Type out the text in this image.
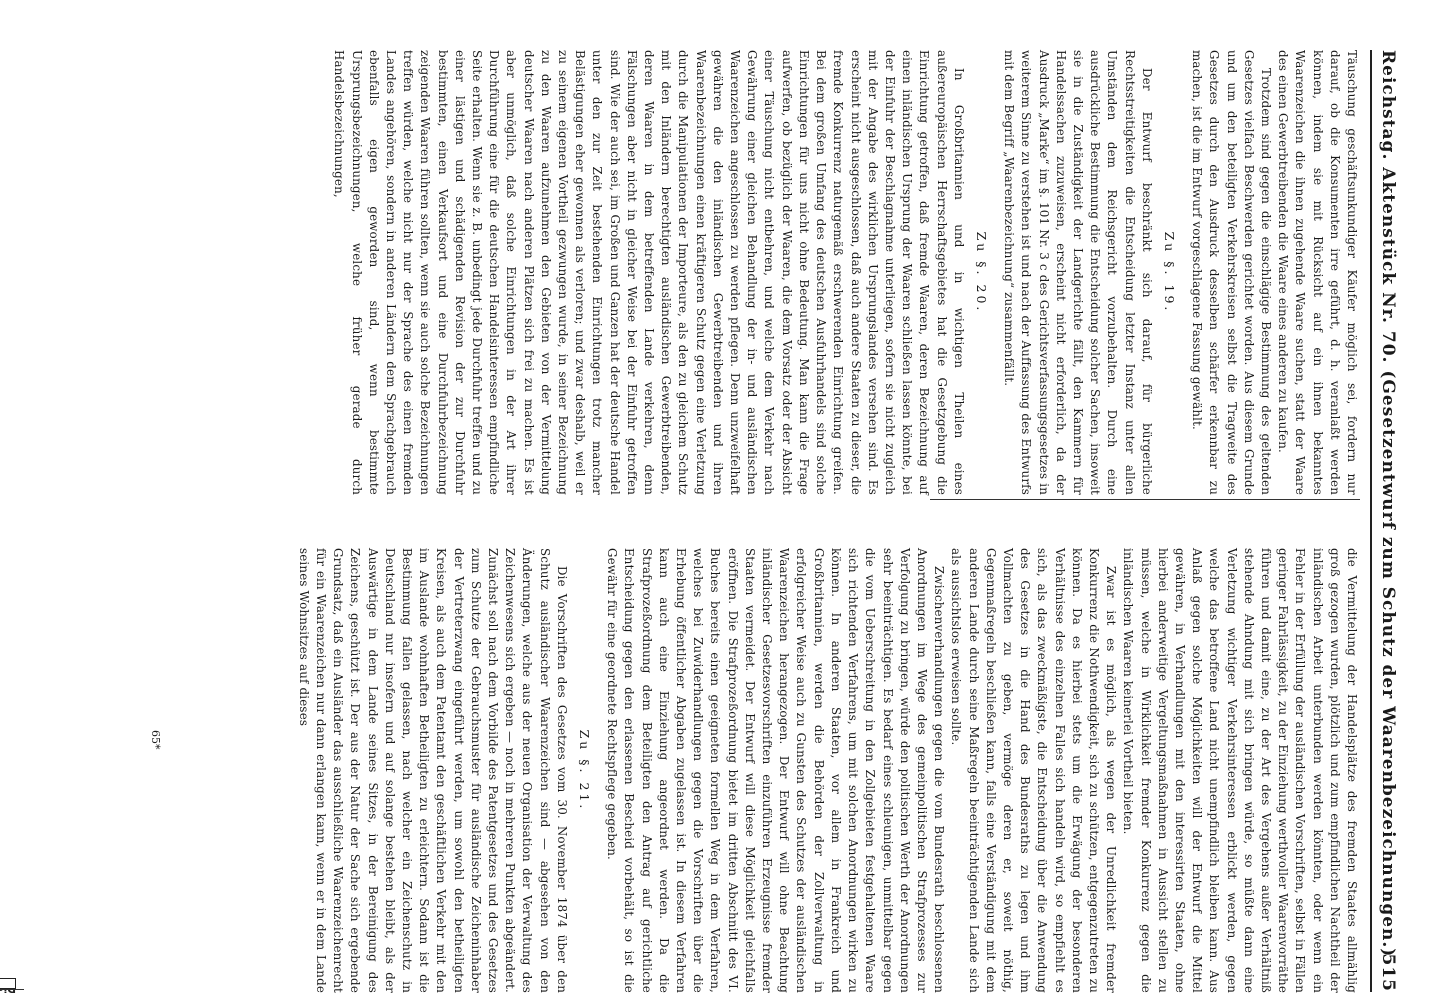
Reichstag. Aktenstück Nr. 70. (Gesetzentwurf zum Schutz der Waarenbezeichnungen.)
515

Täuschung geschäftsunkundiger Käufer möglich sei, fordern nur darauf, ob die Konsumenten irre geführt, d. h. veranlaßt werden können, indem sie mit Rücksicht auf ein ihnen bekanntes Waarenzeichen die ihnen zugehende Waare suchen, statt der Waare des einen Gewerbtreibenden die Waare eines anderen zu kaufen.

Trotzdem sind gegen die einschlägige Bestimmung des geltenden Gesetzes vielfach Beschwerden gerichtet worden. Aus diesem Grunde und um den beteiligten Verkehrskreisen selbst die Tragweite des Gesetzes durch den Ausdruck desselben schärfer erkennbar zu machen, ist die im Entwurf vorgeschlagene Fassung gewählt.

Zu §. 19.

Der Entwurf beschränkt sich darauf, für bürgerliche Rechtsstreitigkeiten die Entscheidung letzter Instanz unter allen Umständen dem Reichsgericht vorzubehalten. Durch eine ausdrückliche Bestimmung die Entscheidung solcher Sachen, insoweit sie in die Zuständigkeit der Landgerichte fällt, den Kammern für Handelssachen zuzuweisen, erscheint nicht erforderlich, da der Ausdruck „Marke“ im §. 101 Nr. 3 c des Gerichtsverfassungsgesetzes in weiterem Sinne zu verstehen ist und nach der Auffassung des Entwurfs mit dem Begriff „Waarenbezeichnung“ zusammenfällt.

Zu §. 20.

In Großbritannien und in wichtigen Theilen eines außereuropäischen Herrschaftsgebietes hat die Gesetzgebung die Einrichtung getroffen, daß fremde Waaren, deren Bezeichnung auf einen inländischen Ursprung der Waaren schließen lassen könnte, bei der Einfuhr der Beschlagnahme unterliegen, sofern sie nicht zugleich mit der Angabe des wirklichen Ursprungslandes versehen sind. Es erscheint nicht ausgeschlossen, daß auch andere Staaten zu dieser, die fremde Konkurrenz naturgemäß erschwerenden Einrichtung greifen. Bei dem großen Umfang des deutschen Ausfuhrhandels sind solche Einrichtungen für uns nicht ohne Bedeutung. Man kann die Frage aufwerfen, ob bezüglich der Waaren, die dem Vorsatz oder der Absicht einer Täuschung nicht entbehren, und welche dem Verkehr nach Gewährung einer gleichen Behandlung der in- und ausländischen Waarenzeichen angeschlossen zu werden pflegen. Denn unzweifelhaft gewähren die den inländischen Gewerbtreibenden und ihren Waarenbezeichnungen einen kräftigeren Schutz gegen eine Verletzung durch die Manipulationen der Importeure, als den zu gleichem Schutz mit den Inländern berechtigten ausländischen Gewerbtreibenden, deren Waaren in dem betreffenden Lande verkehren, denn Fälschungen aber nicht in gleicher Weise bei der Einfuhr getroffen sind. Wie der auch sei, im Großen und Ganzen hat der deutsche Handel unter den zur Zeit bestehenden Einrichtungen trotz mancher Belästigungen eher gewonnen als verloren; und zwar deshalb, weil er zu seinem eigenen Vortheil gezwungen wurde, in seiner Bezeichnung zu den Waaren aufzunehmen den Gebieten von der Vermittelung deutscher Waaren nach anderen Plätzen sich frei zu machen. Es ist aber unmöglich, daß solche Einrichtungen in der Art ihrer Durchführung eine für die deutschen Handelsinteressen empfindliche Seite erhalten. Wenn sie z. B. unbedingt jede Durchfuhr treffen und zu einer lästigen und schädigenden Revision der zur Durchfuhr bestimmten, einen Verkaufsort und eine Durchfuhrbezeichnung zeigenden Waaren führen sollten, wenn sie auch solche Bezeichnungen treffen würden, welche nicht nur der Sprache des einen fremden Landes angehören, sondern in anderen Ländern dem Sprachgebrauch ebenfalls eigen geworden sind, wenn bestimmte Ursprungsbezeichnungen, welche früher gerade durch Handelsbezeichnungen,

die Vermittelung der Handelsplätze des fremden Staates allmählig groß gezogen wurden, plötzlich und zum empfindlichen Nachtheil der inländischen Arbeit unterbunden werden könnten, oder wenn ein Fehler in der Erfüllung der ausländischen Vorschriften, selbst in Fällen geringer Fahrlässigkeit, zu der Einziehung werthvoller Waarenvorräthe führen und damit eine, zu der Art des Vergehens außer Verhältniß stehende Ahndung mit sich bringen würde, so müßte dann eine Verletzung wichtiger Verkehrsinteressen erblickt werden, gegen welche das betroffene Land nicht unempfindlich bleiben kann. Aus Anlaß gegen solche Möglichkeiten will der Entwurf die Mittel gewähren, in Verhandlungen mit den interessirten Staaten, ohne hierbei anderweitige Vergeltungsmaßnahmen in Aussicht stellen zu müssen, welche in Wirklichkeit fremder Konkurrenz gegen die inländischen Waaren keinerlei Vortheil bieten.

Zwar ist es möglich, als wegen der Unredlichkeit fremder Konkurrenz die Nothwendigkeit, sich zu schützen, entgegenzutreten zu können. Da es hierbei stets um die Erwägung der besonderen Verhältnisse des einzelnen Falles sich handeln wird, so empfiehlt es sich, als das zweckmäßigste, die Entscheidung über die Anwendung des Gesetzes in die Hand des Bundesraths zu legen und ihm Vollmachten zu geben, vermöge deren er, soweit nöthig, Gegenmaßregeln beschließen kann, falls eine Verständigung mit dem anderen Lande durch seine Maßregeln beeinträchtigenden Lande sich als aussichtslos erweisen sollte.

Zwischenverhandlungen gegen die vom Bundesrath beschlossenen Anordnungen im Wege des gemeinpolitischen Strafprozesses zur Verfolgung zu bringen, würde den politischen Werth der Anordnungen sehr beeinträchtigen. Es bedarf eines schleunigen, unmittelbar gegen die vom Ueberschreitung in den Zollgebieten festgehaltenen Waare sich richtenden Verfahrens, um mit solchen Anordnungen wirken zu können. In anderen Staaten, vor allem in Frankreich und Großbritannien, werden die Behörden der Zollverwaltung in erfolgreicher Weise auch zu Gunsten des Schutzes der ausländischen Waarenzeichen herangezogen. Der Entwurf will ohne Beachtung inländischer Gesetzesvorschriften einzuführen Erzeugnisse fremder Staaten vermeidet. Der Entwurf will diese Möglichkeit gleichfalls eröffnen. Die Strafprozeßordnung bietet im dritten Abschnitt des VI. Buches bereits einen geeigneten formellen Weg in dem Verfahren, welches bei Zuwiderhandlungen gegen die Vorschriften über die Erhebung öffentlicher Abgaben zugelassen ist. In diesem Verfahren kann auch eine Einziehung angeordnet werden. Da die Strafprozeßordnung dem Beteiligten den Antrag auf gerichtliche Entscheidung gegen den erlassenen Bescheid vorbehält, so ist die Gewähr für eine geordnete Rechtspflege gegeben.

Zu §. 21.

Die Vorschriften des Gesetzes vom 30. November 1874 über den Schutz ausländischer Waarenzeichen sind — abgesehen von den Änderungen, welche aus der neuen Organisation der Verwaltung des Zeichenwesens sich ergeben — noch in mehreren Punkten abgeändert. Zunächst soll nach dem Vorbilde des Patentgesetzes und des Gesetzes zum Schutze der Gebrauchsmuster für ausländische Zeicheninhaber der Vertreterzwang eingeführt werden, um sowohl den betheiligten Kreisen, als auch dem Patentamt den geschäftlichen Verkehr mit den im Auslande wohnhaften Betheiligten zu erleichtern. Sodann ist die Bestimmung fallen gelassen, nach welcher ein Zeichenschutz in Deutschland nur insofern und auf solange bestehen bleibt, als der Auswärtige in dem Lande seines Sitzes, in der Bereinigung des Zeichens, geschützt ist. Der aus der Natur der Sache sich ergebende Grundsatz, daß ein Ausländer das ausschließliche Waarenzeichenrecht für ein Waarenzeichen nur dann erlangen kann, wenn er in dem Lande seines Wohnsitzes auf dieses

65*
